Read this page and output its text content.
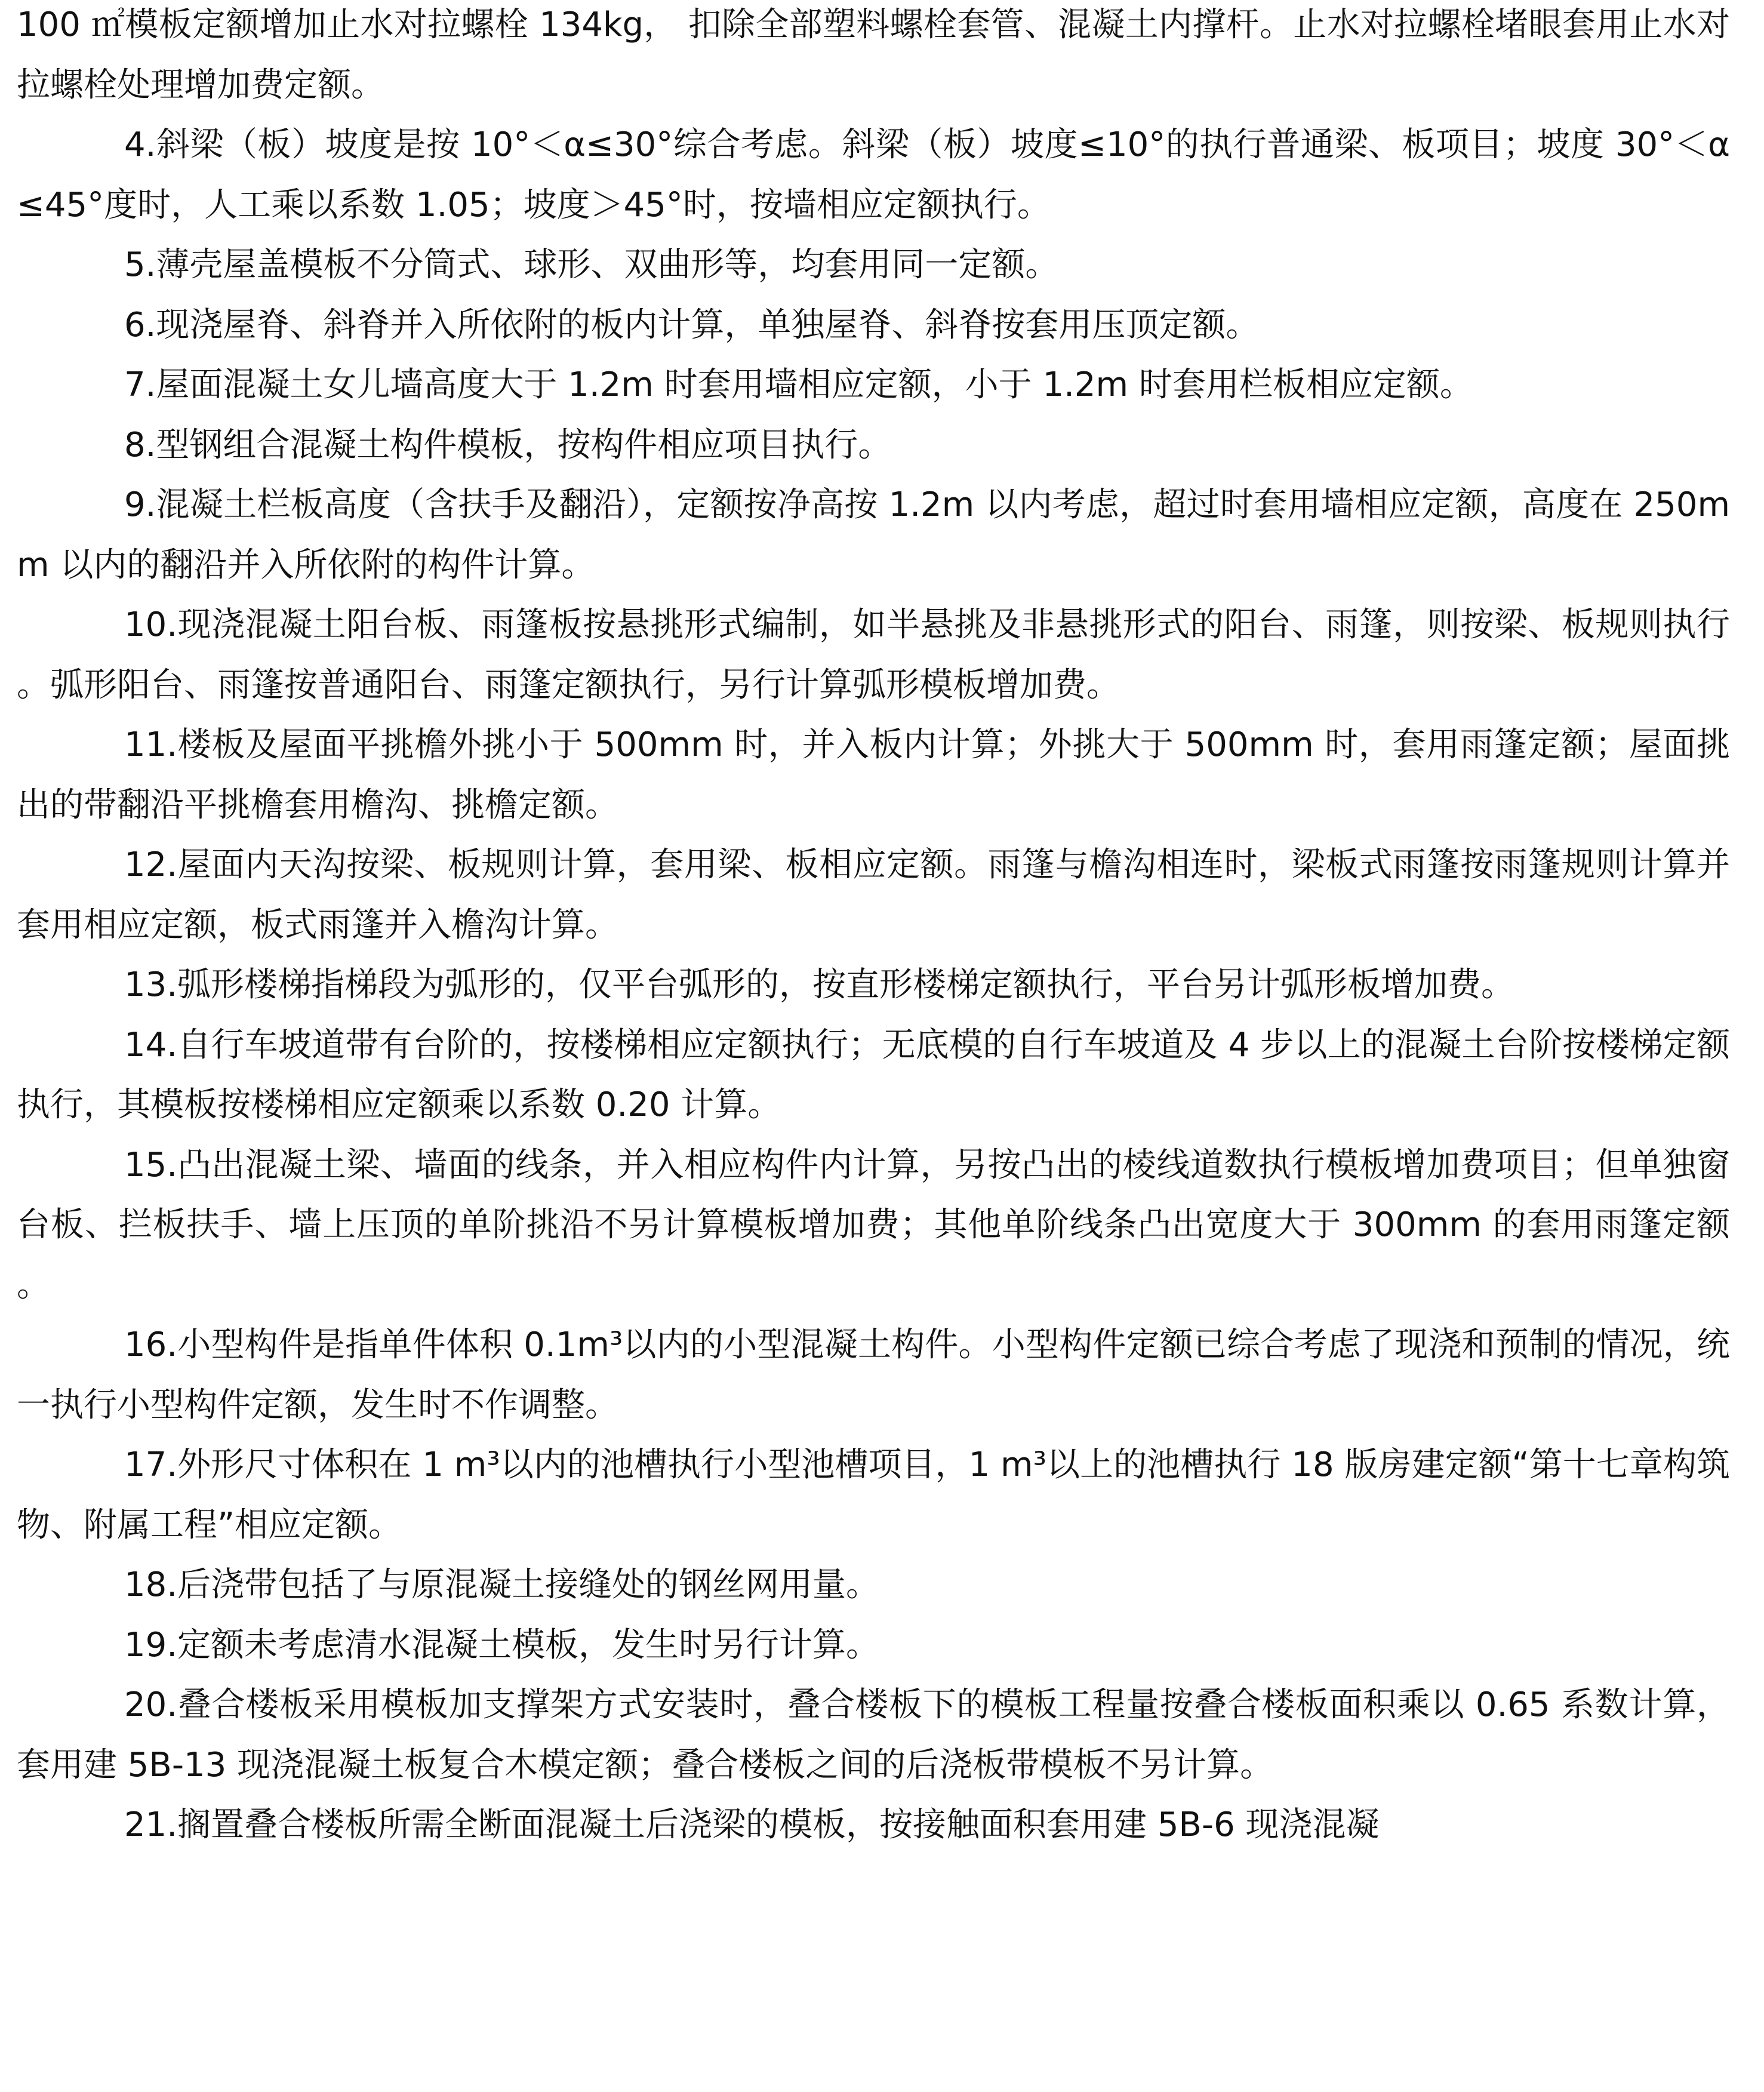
100 ㎡模板定额增加止水对拉螺栓 134kg， 扣除全部塑料螺栓套管、混凝土内撑杆。止水对拉螺栓堵眼套用止水对拉螺栓处理增加费定额。

4.斜梁（板）坡度是按 10°＜α≤30°综合考虑。斜梁（板）坡度≤10°的执行普通梁、板项目；坡度 30°＜α≤45°度时，人工乘以系数 1.05；坡度＞45°时，按墙相应定额执行。

5.薄壳屋盖模板不分筒式、球形、双曲形等，均套用同一定额。

6.现浇屋脊、斜脊并入所依附的板内计算，单独屋脊、斜脊按套用压顶定额。

7.屋面混凝土女儿墙高度大于 1.2m 时套用墙相应定额，小于 1.2m 时套用栏板相应定额。

8.型钢组合混凝土构件模板，按构件相应项目执行。

9.混凝土栏板高度（含扶手及翻沿），定额按净高按 1.2m 以内考虑，超过时套用墙相应定额，高度在 250mm 以内的翻沿并入所依附的构件计算。

10.现浇混凝土阳台板、雨篷板按悬挑形式编制，如半悬挑及非悬挑形式的阳台、雨篷，则按梁、板规则执行。弧形阳台、雨篷按普通阳台、雨篷定额执行，另行计算弧形模板增加费。

11.楼板及屋面平挑檐外挑小于 500mm 时，并入板内计算；外挑大于 500mm 时，套用雨篷定额；屋面挑出的带翻沿平挑檐套用檐沟、挑檐定额。

12.屋面内天沟按梁、板规则计算，套用梁、板相应定额。雨篷与檐沟相连时，梁板式雨篷按雨篷规则计算并套用相应定额，板式雨篷并入檐沟计算。

13.弧形楼梯指梯段为弧形的，仅平台弧形的，按直形楼梯定额执行，平台另计弧形板增加费。

14.自行车坡道带有台阶的，按楼梯相应定额执行；无底模的自行车坡道及 4 步以上的混凝土台阶按楼梯定额执行，其模板按楼梯相应定额乘以系数 0.20 计算。

15.凸出混凝土梁、墙面的线条，并入相应构件内计算，另按凸出的棱线道数执行模板增加费项目；但单独窗台板、拦板扶手、墙上压顶的单阶挑沿不另计算模板增加费；其他单阶线条凸出宽度大于 300mm 的套用雨篷定额。

16.小型构件是指单件体积 0.1m³以内的小型混凝土构件。小型构件定额已综合考虑了现浇和预制的情况，统一执行小型构件定额，发生时不作调整。

17.外形尺寸体积在 1 m³以内的池槽执行小型池槽项目，1 m³以上的池槽执行 18 版房建定额“第十七章构筑物、附属工程”相应定额。

18.后浇带包括了与原混凝土接缝处的钢丝网用量。

19.定额未考虑清水混凝土模板，发生时另行计算。

20.叠合楼板采用模板加支撑架方式安装时，叠合楼板下的模板工程量按叠合楼板面积乘以 0.65 系数计算，套用建 5B-13 现浇混凝土板复合木模定额；叠合楼板之间的后浇板带模板不另计算。

21.搁置叠合楼板所需全断面混凝土后浇梁的模板，按接触面积套用建 5B-6 现浇混凝
